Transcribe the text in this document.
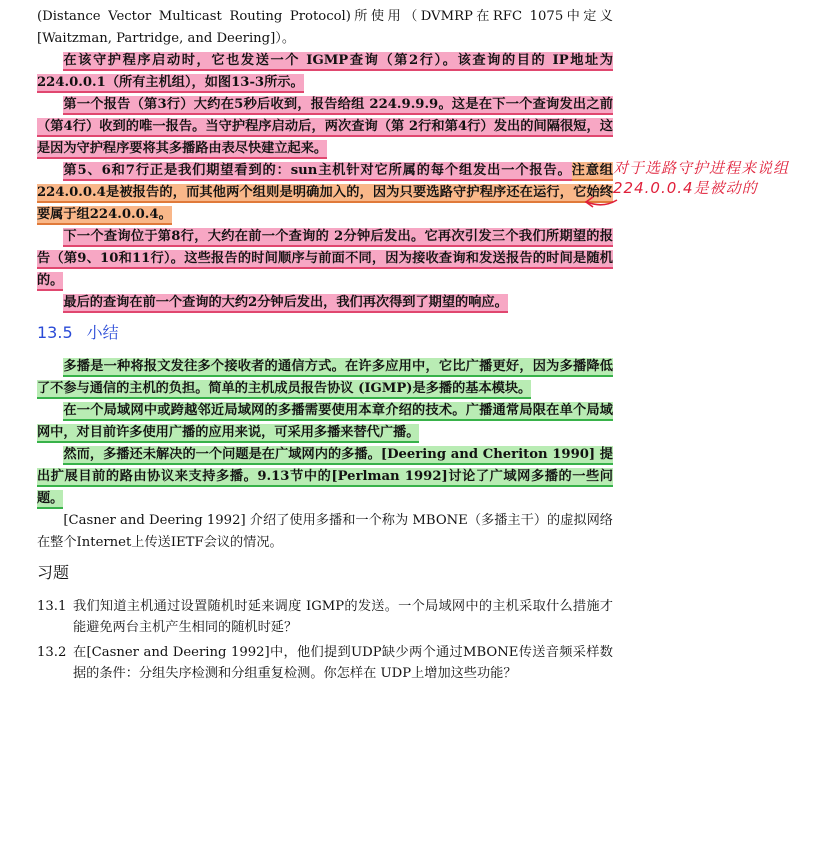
(Distance Vector Multicast Routing Protocol)所使用（DVMRP在RFC 1075中定义[Waitzman, Partridge, and Deering]）。

在该守护程序启动时，它也发送一个 IGMP查询（第2行）。该查询的目的 IP地址为224.0.0.1（所有主机组），如图13-3所示。

第一个报告（第3行）大约在5秒后收到，报告给组 224.9.9.9。这是在下一个查询发出之前（第4行）收到的唯一报告。当守护程序启动后，两次查询（第 2行和第4行）发出的间隔很短，这是因为守护程序要将其多播路由表尽快建立起来。

第5、6和7行正是我们期望看到的：sun主机针对它所属的每个组发出一个报告。注意组224.0.0.4是被报告的，而其他两个组则是明确加入的，因为只要选路守护程序还在运行，它始终要属于组224.0.0.4。

下一个查询位于第8行，大约在前一个查询的 2分钟后发出。它再次引发三个我们所期望的报告（第9、10和11行）。这些报告的时间顺序与前面不同，因为接收查询和发送报告的时间是随机的。

最后的查询在前一个查询的大约2分钟后发出，我们再次得到了期望的响应。

13.5 小结

多播是一种将报文发往多个接收者的通信方式。在许多应用中，它比广播更好，因为多播降低了不参与通信的主机的负担。简单的主机成员报告协议 (IGMP)是多播的基本模块。

在一个局域网中或跨越邻近局域网的多播需要使用本章介绍的技术。广播通常局限在单个局域网中，对目前许多使用广播的应用来说，可采用多播来替代广播。

然而，多播还未解决的一个问题是在广域网内的多播。[Deering and Cheriton 1990] 提出扩展目前的路由协议来支持多播。9.13节中的[Perlman 1992]讨论了广域网多播的一些问题。

[Casner and Deering 1992] 介绍了使用多播和一个称为 MBONE（多播主干）的虚拟网络在整个Internet上传送IETF会议的情况。

习题
13.1 我们知道主机通过设置随机时延来调度 IGMP的发送。一个局域网中的主机采取什么措施才能避免两台主机产生相同的随机时延？
13.2 在[Casner and Deering 1992]中，他们提到UDP缺少两个通过MBONE传送音频采样数据的条件：分组失序检测和分组重复检测。你怎样在 UDP上增加这些功能？
对于选路守护进程来说组224.0.0.4是被动的
